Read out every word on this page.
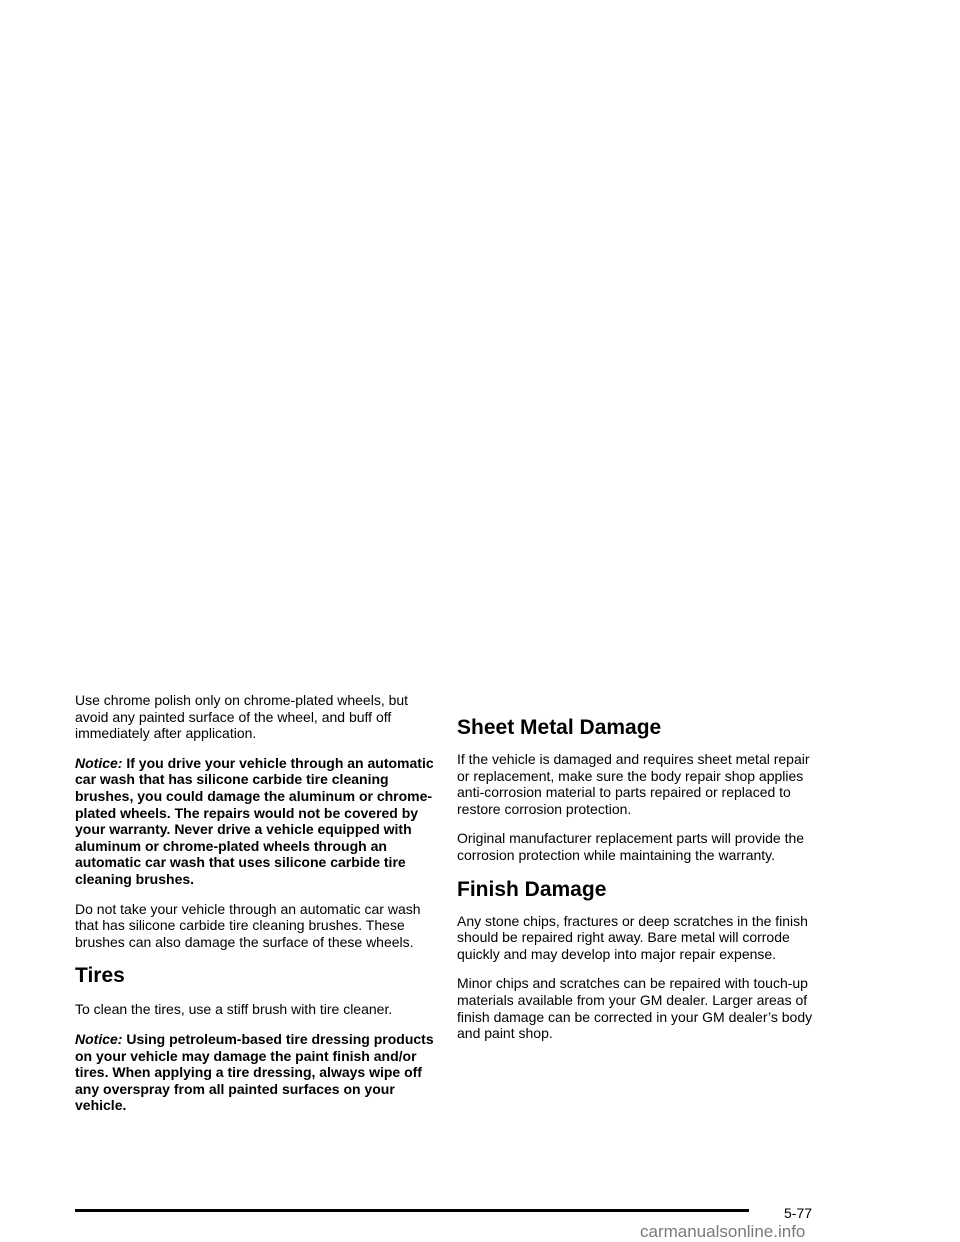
Use chrome polish only on chrome-plated wheels, but avoid any painted surface of the wheel, and buff off immediately after application.

Notice: If you drive your vehicle through an automatic car wash that has silicone carbide tire cleaning brushes, you could damage the aluminum or chrome-plated wheels. The repairs would not be covered by your warranty. Never drive a vehicle equipped with aluminum or chrome-plated wheels through an automatic car wash that uses silicone carbide tire cleaning brushes.

Do not take your vehicle through an automatic car wash that has silicone carbide tire cleaning brushes. These brushes can also damage the surface of these wheels.

Tires

To clean the tires, use a stiff brush with tire cleaner.

Notice: Using petroleum-based tire dressing products on your vehicle may damage the paint finish and/or tires. When applying a tire dressing, always wipe off any overspray from all painted surfaces on your vehicle.

Sheet Metal Damage

If the vehicle is damaged and requires sheet metal repair or replacement, make sure the body repair shop applies anti-corrosion material to parts repaired or replaced to restore corrosion protection.

Original manufacturer replacement parts will provide the corrosion protection while maintaining the warranty.

Finish Damage

Any stone chips, fractures or deep scratches in the finish should be repaired right away. Bare metal will corrode quickly and may develop into major repair expense.

Minor chips and scratches can be repaired with touch-up materials available from your GM dealer. Larger areas of finish damage can be corrected in your GM dealer’s body and paint shop.

5-77
carmanualsonline.info
